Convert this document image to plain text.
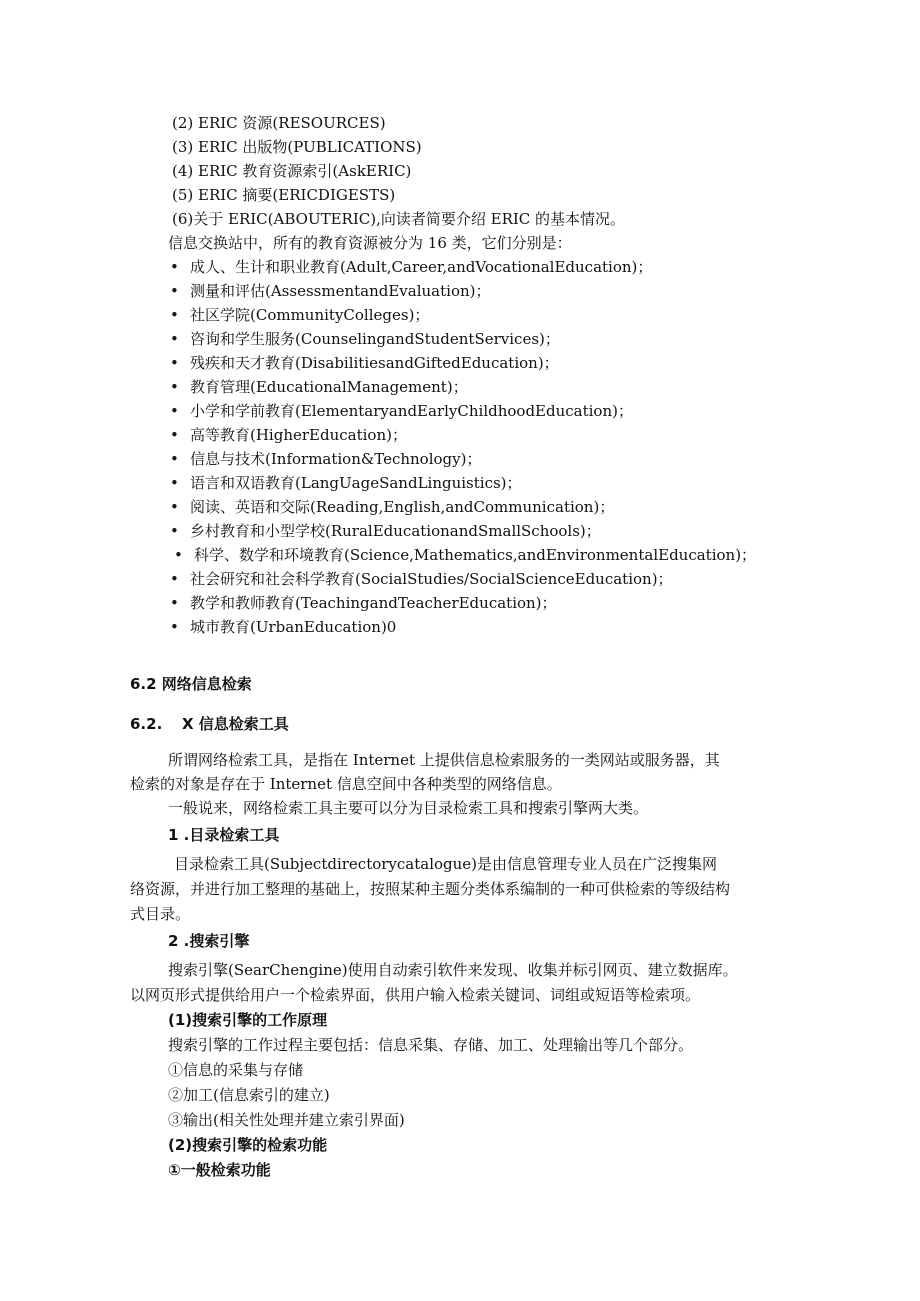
(2) ERIC 资源(RESOURCES)
(3) ERIC 出版物(PUBLICATIONS)
(4) ERIC 教育资源索引(AskERIC)
(5) ERIC 摘要(ERICDIGESTS)
(6)关于 ERIC(ABOUTERIC),向读者简要介绍 ERIC 的基本情况。
信息交换站中，所有的教育资源被分为 16 类，它们分别是：
• 成人、生计和职业教育(Adult,Career,andVocationalEducation)；
• 测量和评估(AssessmentandEvaluation)；
• 社区学院(CommunityColleges)；
• 咨询和学生服务(CounselingandStudentServices)；
• 残疾和天才教育(DisabilitiesandGiftedEducation)；
• 教育管理(EducationalManagement)；
• 小学和学前教育(ElementaryandEarlyChildhoodEducation)；
• 高等教育(HigherEducation)；
• 信息与技术(Information&Technology)；
• 语言和双语教育(LangUageSandLinguistics)；
• 阅读、英语和交际(Reading,English,andCommunication)；
• 乡村教育和小型学校(RuralEducationandSmallSchools)；
• 科学、数学和环境教育(Science,Mathematics,andEnvironmentalEducation)；
• 社会研究和社会科学教育(SocialStudies/SocialScienceEducation)；
• 教学和教师教育(TeachingandTeacherEducation)；
• 城市教育(UrbanEducation)0
6.2 网络信息检索
6.2. X 信息检索工具
所谓网络检索工具，是指在 Internet 上提供信息检索服务的一类网站或服务器，其
检索的对象是存在于 Internet 信息空间中各种类型的网络信息。
一般说来，网络检索工具主要可以分为目录检索工具和搜索引擎两大类。
1 .目录检索工具
目录检索工具(Subjectdirectorycatalogue)是由信息管理专业人员在广泛搜集网
络资源，并进行加工整理的基础上，按照某种主题分类体系编制的一种可供检索的等级结构
式目录。
2 .搜索引擎
搜索引擎(SearChengine)使用自动索引软件来发现、收集并标引网页、建立数据库。
以网页形式提供给用户一个检索界面，供用户输入检索关键词、词组或短语等检索项。
(1)搜索引擎的工作原理
搜索引擎的工作过程主要包括：信息采集、存储、加工、处理输出等几个部分。
①信息的采集与存储
②加工(信息索引的建立)
③输出(相关性处理并建立索引界面)
(2)搜索引擎的检索功能
①一般检索功能
